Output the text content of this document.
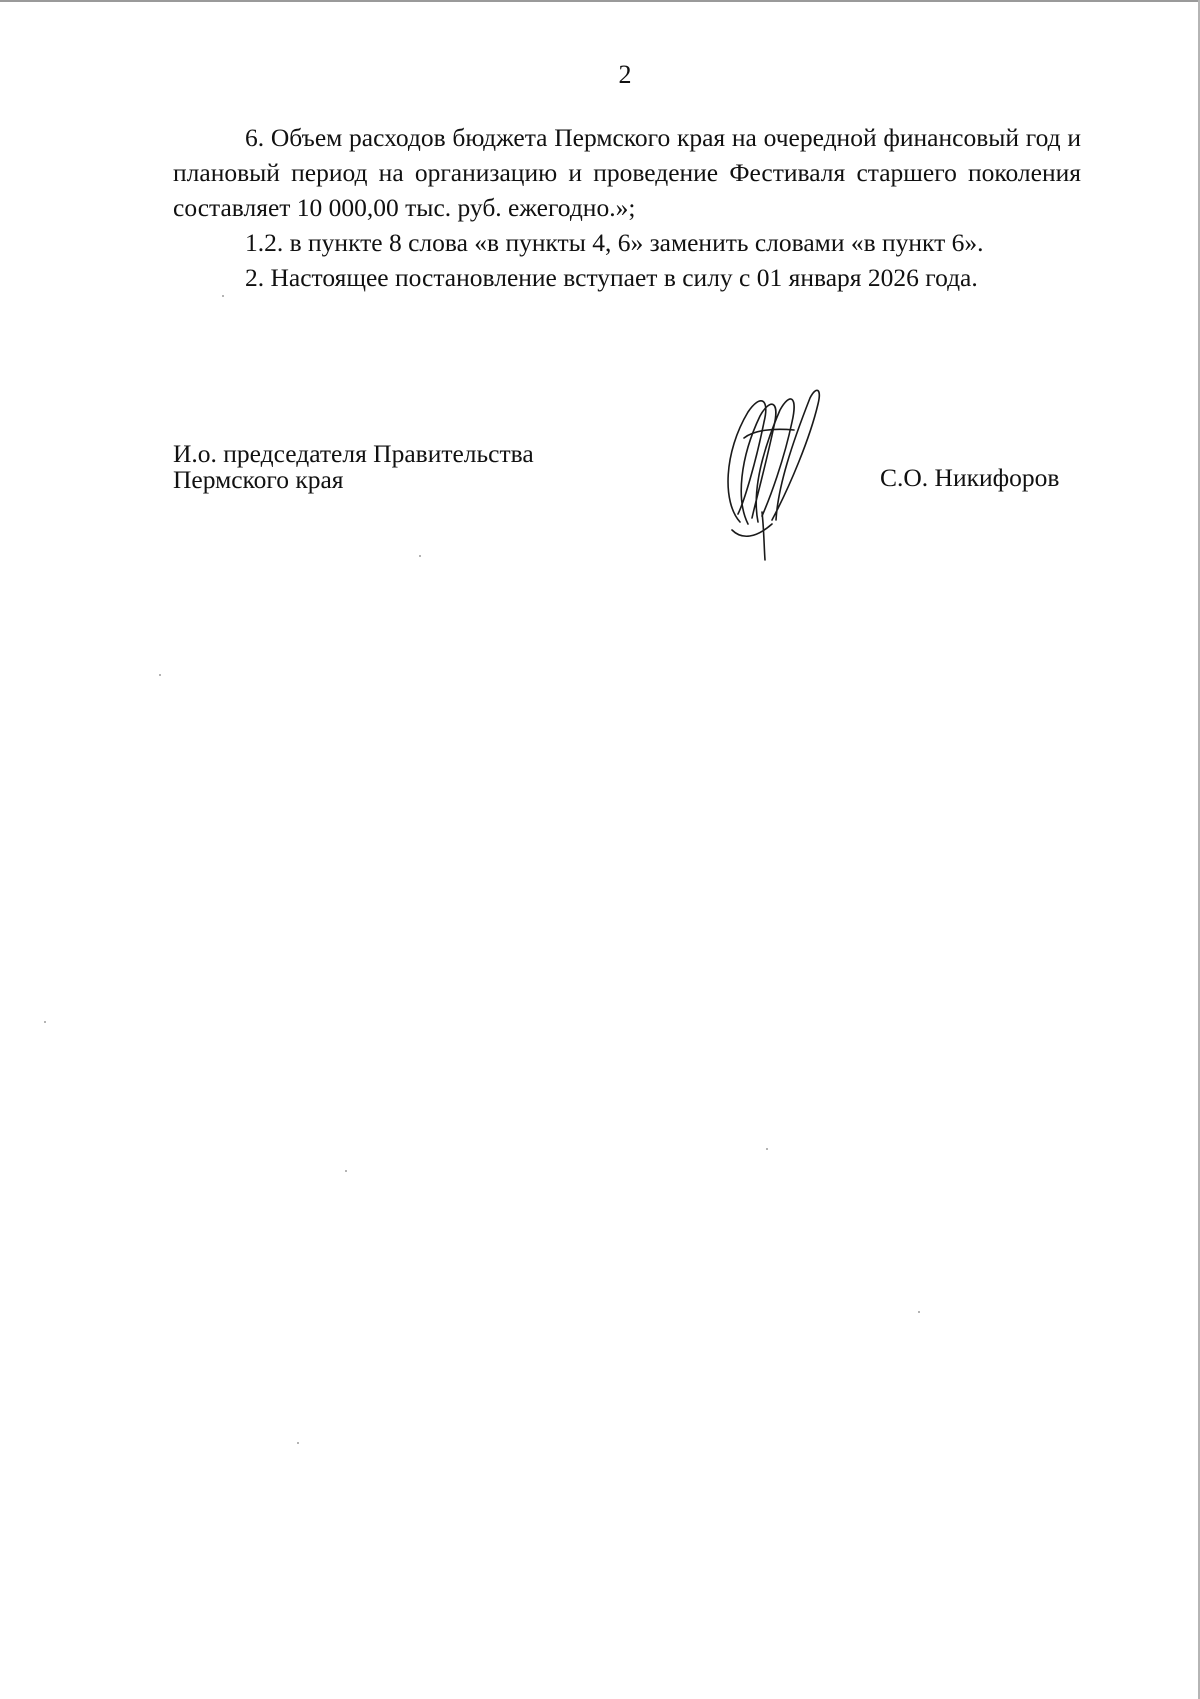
2

6. Объем расходов бюджета Пермского края на очередной финансовый год и плановый период на организацию и проведение Фестиваля старшего поколения составляет 10 000,00 тыс. руб. ежегодно.»;

1.2. в пункте 8 слова «в пункты 4, 6» заменить словами «в пункт 6».

2. Настоящее постановление вступает в силу с 01 января 2026 года.

И.о. председателя Правительства
Пермского края	С.О. Никифоров
